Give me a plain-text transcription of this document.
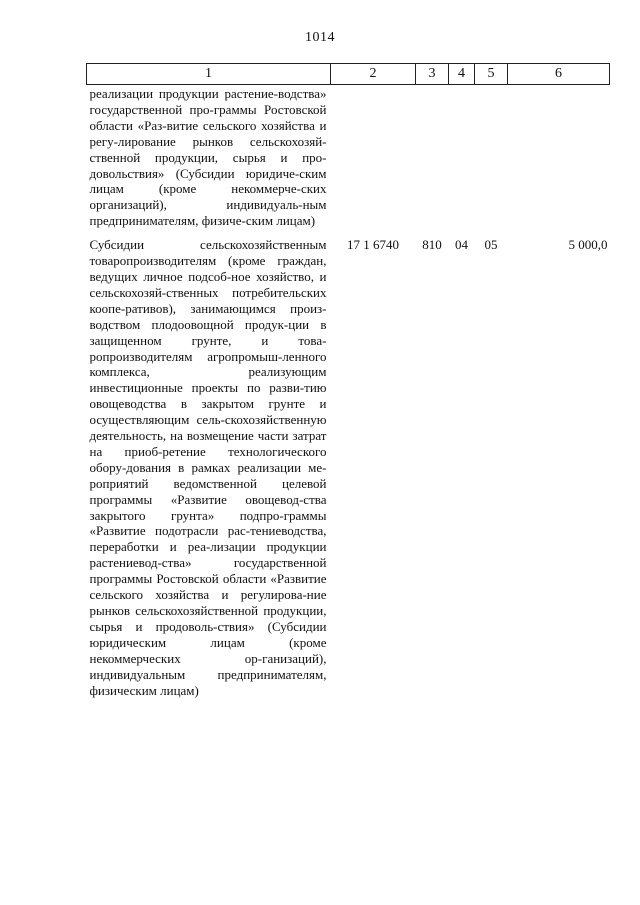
1014
1	2	3	4	5	6
реализации продукции растение-водства» государственной про-граммы Ростовской области «Раз-витие сельского хозяйства и регу-лирование рынков сельскохозяй-ственной продукции, сырья и про-довольствия» (Субсидии юридиче-ским лицам (кроме некоммерче-ских организаций), индивидуаль-ным предпринимателям, физиче-ским лицам)					
Субсидии сельскохозяйственным товаропроизводителям (кроме граждан, ведущих личное подсоб-ное хозяйство, и сельскохозяй-ственных потребительских коопе-ративов), занимающимся произ-водством плодоовощной продук-ции в защищенном грунте, и това-ропроизводителям агропромыш-ленного комплекса, реализующим инвестиционные проекты по разви-тию овощеводства в закрытом грунте и осуществляющим сель-скохозяйственную деятельность, на возмещение части затрат на приоб-ретение технологического обору-дования в рамках реализации ме-роприятий ведомственной целевой программы «Развитие овощевод-ства закрытого грунта» подпро-граммы «Развитие подотрасли рас-тениеводства, переработки и реа-лизации продукции растениевод-ства» государственной программы Ростовской области «Развитие сельского хозяйства и регулирова-ние рынков сельскохозяйственной продукции, сырья и продоволь-ствия» (Субсидии юридическим лицам (кроме некоммерческих ор-ганизаций), индивидуальным предпринимателям, физическим лицам)	17 1 6740	810	04	05	5 000,0
